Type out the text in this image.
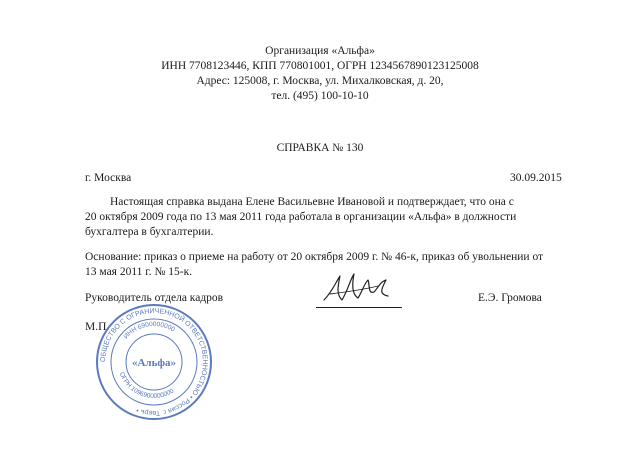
Организация «Альфа»
ИНН 7708123446, КПП 770801001, ОГРН 1234567890123125008
Адрес: 125008, г. Москва, ул. Михалковская, д. 20,
тел. (495) 100-10-10
СПРАВКА № 130
г. Москва	30.09.2015
Настоящая справка выдана Елене Васильевне Ивановой и подтверждает, что она с
20 октября 2009 года по 13 мая 2011 года работала в организации «Альфа» в должности
бухгалтера в бухгалтерии.
Основание: приказ о приеме на работу от 20 октября 2009 г. № 46-к, приказ об увольнении от
13 мая 2011 г. № 15-к.
Руководитель отдела кадров	Е.Э. Громова
М.П
ОБЩЕСТВО С ОГРАНИЧЕННОЙ ОТВЕТСТВЕННОСТЬЮ • Россия г. Тверь •
ИНН 6900000000
ОГРН 1096900000000
«Альфа»
